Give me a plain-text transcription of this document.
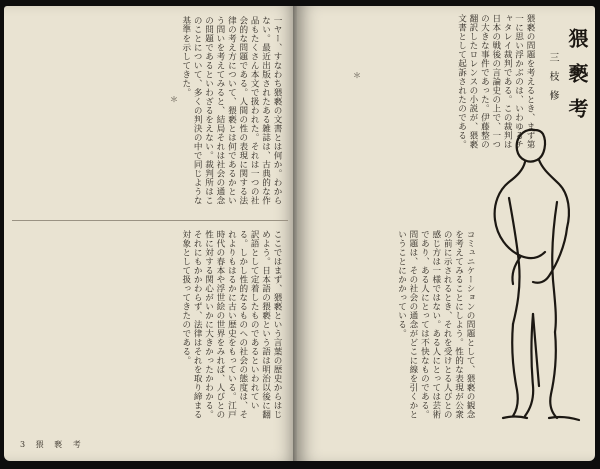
一ヤー、すなわち猥褻の文書とは何か。わからない。最近出版されたある雑誌は、古典的な作品もたくさん本文で扱われた。それは一つの社会的な問題である。人間の性の表現に関する法律の考え方について、猥褻とは何であるかという問いを考えてみると、結局それは社会の通念の問題であるといわざるをえない。裁判所はこのことについて、多くの判決の中で同じような基準を示してきた。
＊
ここではまず、猥褻という言葉の歴史からはじめよう。日本語の猥褻という語は明治以後に翻訳語として定着したものであるといわれている。しかし性的なるものへの社会の態度は、それよりもはるかに古い歴史をもっている。江戸時代の春本や浮世絵の世界をみれば、人びとの性に対する関心がいかに大きかったかわかる。それにもかかわらず、法律はそれを取り締まる対象として扱ってきたのである。
3 猥 褻 考
猥褻の問題を考えるとき、まず第一に思い浮かぶのは、いわゆるチャタレイ裁判である。この裁判は日本の戦後の言論史の上で、一つの大きな事件であった。伊藤整の翻訳したロレンスの小説が、猥褻文書として起訴されたのである。
＊	猥 褻 考
三 枝 修
コミュニケーションの問題として、猥褻の観念を考えてみることにしよう。性的な表現が公衆の前に示されるとき、それを受けとる人びとの感じ方は一様ではない。ある人にとっては芸術であり、ある人にとっては不快なものである。問題は、その社会の通念がどこに線を引くかということにかかっている。
